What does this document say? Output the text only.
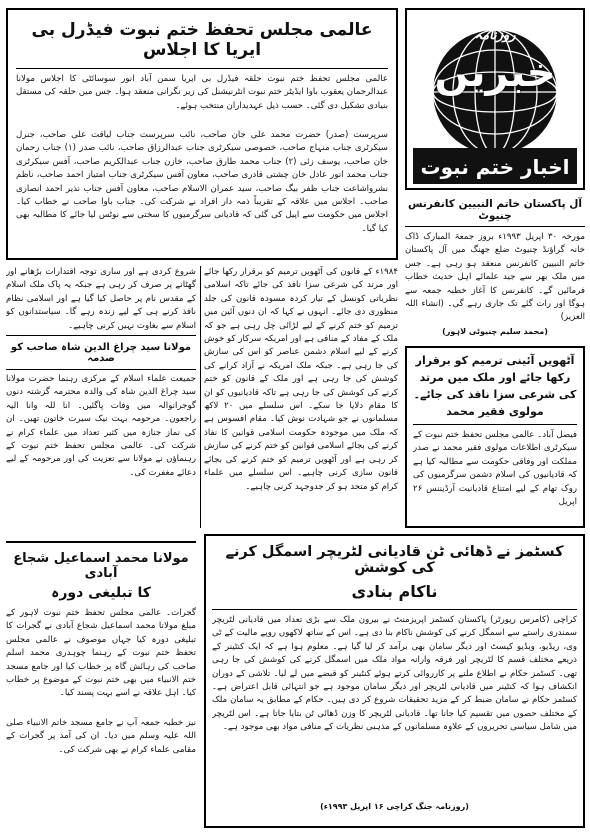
روزنامہ
خبریں
اخبار ختم نبوت
آل پاکستان خاتم النبیین کانفرنس چنیوٹ
مورخہ ۳۰ اپریل ۱۹۹۳ء بروز جمعۃ المبارک ڈاک خانہ گراؤنڈ چنیوٹ ضلع جھنگ میں آل پاکستان خاتم النبیین کانفرنس منعقد ہو رہی ہے۔ جس میں ملک بھر سے جید علمائے اہل حدیث خطاب فرمائیں گے۔ کانفرنس کا آغاز خطبہ جمعہ سے ہوگا اور رات گئے تک جاری رہے گی۔ (انشاء اللہ العزیز)
(محمد سلیم چنیوٹی لاہور)
عالمی مجلس تحفظ ختم نبوت فیڈرل بی ایریا کا اجلاس
عالمی مجلس تحفظ ختم نبوت حلقہ فیڈرل بی ایریا سمن آباد انور سوسائٹی کا اجلاس مولانا عبدالرحمان یعقوب باوا ایڈیٹر ختم نبوت انٹرنیشنل کی زیر نگرانی منعقد ہوا۔ جس میں حلقہ کی مستقل بنیادی تشکیل دی گئی۔ حسب ذیل عہدیداران منتخب ہوئے۔
سرپرست (صدر) حضرت محمد علی جان صاحب، نائب سرپرست جناب لیاقت علی صاحب، جنرل سیکرٹری جناب منہاج صاحب، خصوصی سیکرٹری جناب عبدالرزاق صاحب، نائب صدر (۱) جناب رحمان خان صاحب، یوسف زئی (۲) جناب محمد طارق صاحب، خازن جناب عبدالکریم صاحب، آفس سیکرٹری جناب محمد انور عادل خان چشتی قادری صاحب، معاون آفس سیکرٹری جناب امتیاز احمد صاحب، ناظم نشرواشاعت جناب ظفر بیگ صاحب، سید عمران الاسلام صاحب، معاون آفس جناب نذیر احمد انصاری صاحب۔ اجلاس میں علاقہ کے تقریباً ذمہ دار افراد نے شرکت کی۔ جناب باوا صاحب نے خطاب کیا۔ اجلاس میں حکومت سے اپیل کی گئی کہ قادیانی سرگرمیوں کا سختی سے نوٹس لیا جائے کا مطالبہ بھی کیا گیا۔
شروع کردی ہے اور ساری توجہ اقتدارات بڑھانے اور گھٹانے پر صرف کر رہی ہے جبکہ یہ پاک ملک اسلام کے مقدس نام پر حاصل کیا گیا ہے اور اسلامی نظام نافذ کرنے ہی کے لیے زندہ رہے گا۔ سیاستدانوں کو اسلام سے بغاوت نہیں کرنی چاہیے۔
مولانا سید چراغ الدین شاہ صاحب کو صدمہ
جمیعت علماء اسلام کے مرکزی رہنما حضرت مولانا سید چراغ الدین شاہ کی والدہ محترمہ گزشتہ دنوں گوجرانوالہ میں وفات پاگئیں۔ انا للہ وانا الیہ راجعون۔ مرحومہ بہت نیک سیرت خاتون تھیں۔ ان کی نماز جنازہ میں کثیر تعداد میں علماء کرام نے شرکت کی۔ عالمی مجلس تحفظ ختم نبوت کے رہنماؤں نے مولانا سے تعزیت کی اور مرحومہ کے لیے دعائے مغفرت کی۔
مولانا محمد اسماعیل شجاع آبادی
کا تبلیغی دورہ
گجرات۔ عالمی مجلس تحفظ ختم نبوت لاہور کے مبلغ مولانا محمد اسماعیل شجاع آبادی نے گجرات کا تبلیغی دورہ کیا جہاں موصوف نے عالمی مجلس تحفظ ختم نبوت کے رہنما چوہدری محمد اسلم صاحب کی رہائش گاہ پر خطاب کیا اور جامع مسجد ختم الانبیاء میں بھی ختم نبوت کے موضوع پر خطاب کیا۔ اہل علاقہ نے اسے بہت پسند کیا۔
نیز خطبہ جمعہ آپ نے جامع مسجد خاتم الانبیاء صلی اللہ علیہ وسلم میں دیا۔ ان کی آمد پر گجرات کے مقامی علماء کرام نے بھی شرکت کی۔
۱۹۸۴ء کے قانون کی آٹھویں ترمیم کو برقرار رکھا جائے اور مرتد کی شرعی سزا نافذ کی جائے تاکہ اسلامی نظریاتی کونسل کے تیار کردہ مسودہ قانون کی جلد منظوری دی جائے۔ انہوں نے کہا کہ ان دنوں آئین میں ترمیم کو ختم کرنے کے لیے لڑائی چل رہی ہے جو کہ ملک کے مفاد کے منافی ہے اور امریکہ سرکار کو خوش کرنے کے لیے اسلام دشمن عناصر کو اس کی سازش کی جا رہی ہے۔ جبکہ ملک امریکہ نے آزاد کرانے کی کوشش کی جا رہی ہے اور ملک کے قانون کو ختم کرنے کی کوشش کی جا رہی ہے تاکہ قادیانیوں کو ان کا مقام دلایا جا سکے۔ اس سلسلے میں ۲۰ لاکھ مسلمانوں نے جو شہادت نوش کیا۔ مقام افسوس ہے کہ ملک میں موجودہ حکومت اسلامی قوانین کا نفاذ کرنے کی بجائے اسلامی قوانین کو ختم کرنے کی سازش کر رہی ہے اور آٹھویں ترمیم کو ختم کرنے کی بجائے قانون سازی کرنی چاہیے۔ اس سلسلے میں علماء کرام کو متحد ہو کر جدوجہد کرنی چاہیے۔
آٹھویں آئینی ترمیم کو برقرار رکھا جائے اور ملک میں مرتد کی شرعی سزا نافذ کی جائے۔ مولوی فقیر محمد
فیصل آباد۔ عالمی مجلس تحفظ ختم نبوت کے سیکرٹری اطلاعات مولوی فقیر محمد نے صدر مملکت اور وفاقی حکومت سے مطالبہ کیا ہے کہ قادیانیوں کی اسلام دشمن سرگرمیوں کی روک تھام کے لیے امتناع قادیانیت آرڈیننس ۲۶ اپریل
کسٹمز نے ڈھائی ٹن قادیانی لٹریچر اسمگل کرنے کی کوشش
ناکام بنادی
کراچی (کامرس رپورٹر) پاکستان کسٹمز اپریزمنٹ نے بیرون ملک سے بڑی تعداد میں قادیانی لٹریچر سمندری راستے سے اسمگل کرنے کی کوشش ناکام بنا دی ہے۔ اس کے ساتھ لاکھوں روپے مالیت کے ٹی وی، ریڈیو، ویڈیو کیسٹ اور دیگر سامان بھی برآمد کر لیا گیا ہے۔ معلوم ہوا ہے کہ ایک کنٹینر کے ذریعے مختلف قسم کا لٹریچر اور فرقہ وارانہ مواد ملک میں اسمگل کرنے کی کوشش کی جا رہی تھی۔ کسٹمز حکام نے اطلاع ملنے پر کارروائی کرتے ہوئے کنٹینر کو قبضے میں لے لیا۔ تلاشی کے دوران انکشاف ہوا کہ کنٹینر میں قادیانی لٹریچر اور دیگر سامان موجود ہے جو انتہائی قابل اعتراض ہے۔ کسٹمز حکام نے سامان ضبط کر کے مزید تحقیقات شروع کر دی ہیں۔ حکام کے مطابق یہ سامان ملک کے مختلف حصوں میں تقسیم کیا جانا تھا۔ قادیانی لٹریچر کا وزن ڈھائی ٹن بتایا جاتا ہے۔ اس لٹریچر میں شامل سیاسی تحریروں کے علاوہ مسلمانوں کے مذہبی نظریات کے منافی مواد بھی موجود ہے۔
(روزنامہ جنگ کراچی ۱۶ اپریل ۱۹۹۳ء)
